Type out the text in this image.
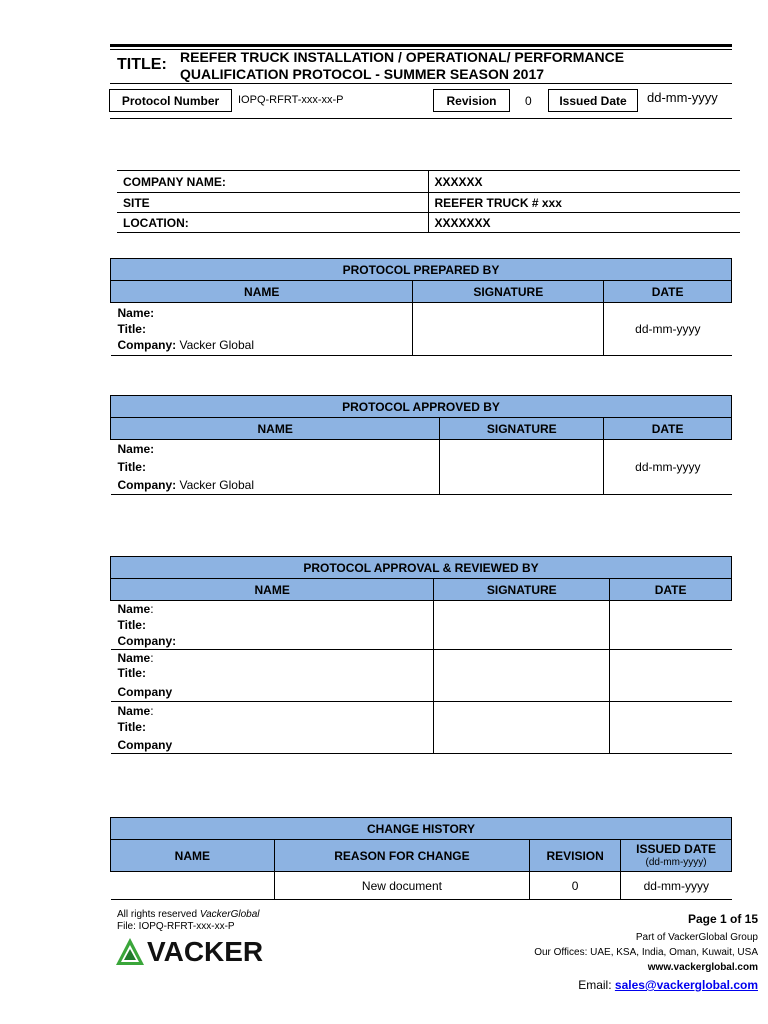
TITLE: REEFER TRUCK INSTALLATION / OPERATIONAL/ PERFORMANCE
QUALIFICATION PROTOCOL - SUMMER SEASON 2017
Protocol Number	IOPQ-RFRT-xxx-xx-P	Revision	0	Issued Date	dd-mm-yyyy
COMPANY NAME:	XXXXXX
SITE	REEFER TRUCK # xxx
LOCATION:	XXXXXXX
PROTOCOL PREPARED BY		
NAME	SIGNATURE	DATE

Name:
Title:
Company: Vacker Global		dd-mm-yyyy
PROTOCOL APPROVED BY		
NAME	SIGNATURE	DATE

Name:
Title:
Company: Vacker Global		dd-mm-yyyy
PROTOCOL APPROVAL & REVIEWED BY		
NAME	SIGNATURE	DATE

Name:
Title:
Company:		

Name:
Title:
Company		

Name:
Title:
Company		

CHANGE HISTORY			
NAME	REASON FOR CHANGE	REVISION	ISSUED DATE
(dd-mm-yyyy)

	New document	0	dd-mm-yyyy
All rights reserved VackerGlobal
File: IOPQ-RFRT-xxx-xx-P
VACKER
Page 1 of 15
Part of VackerGlobal Group
Our Offices: UAE, KSA, India, Oman, Kuwait, USA
www.vackerglobal.com
Email: sales@vackerglobal.com
